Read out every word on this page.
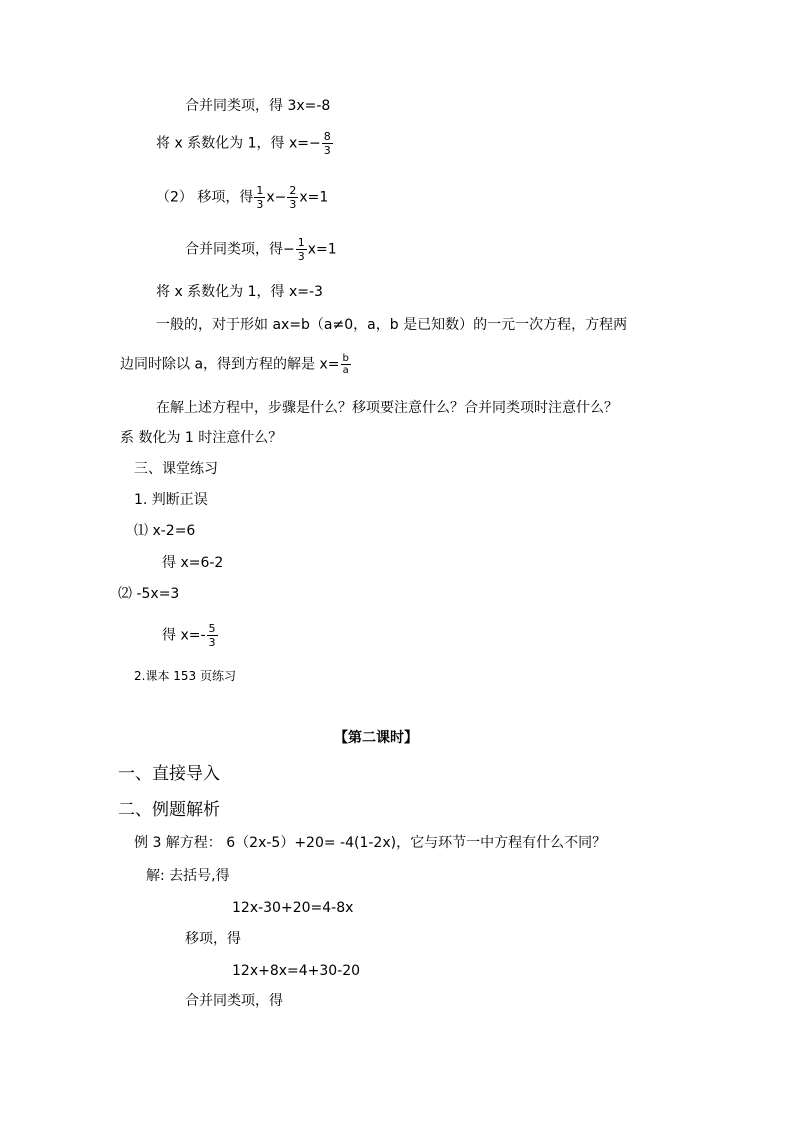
合并同类项，得 3x=-8
将 x 系数化为 1，得 $x=- \frac{8}{3}$
（2） 移项，得 $\frac{1}{3} x- \frac{2}{3} x=1$
合并同类项，得− $\frac{1}{3} x=1$
将 x 系数化为 1，得 x=-3
一般的，对于形如 ax=b（a≠0，a，b 是已知数）的一元一次方程，方程两
边同时除以 a，得到方程的解是 $x= \frac{b}{a}$
在解上述方程中，步骤是什么？移项要注意什么？合并同类项时注意什么？
系 数化为 1 时注意什么？
三、课堂练习
1. 判断正误
⑴ x-2=6
得 x=6-2
⑵ -5x=3
得 $x=- \frac{5}{3}$
2.课本 153 页练习
【第二课时】
一、直接导入
二、例题解析
例 3 解方程： 6（2x-5）+20= -4(1-2x)，它与环节一中方程有什么不同？
解: 去括号,得
12x-30+20=4-8x
移项，得
12x+8x=4+30-20
合并同类项，得
